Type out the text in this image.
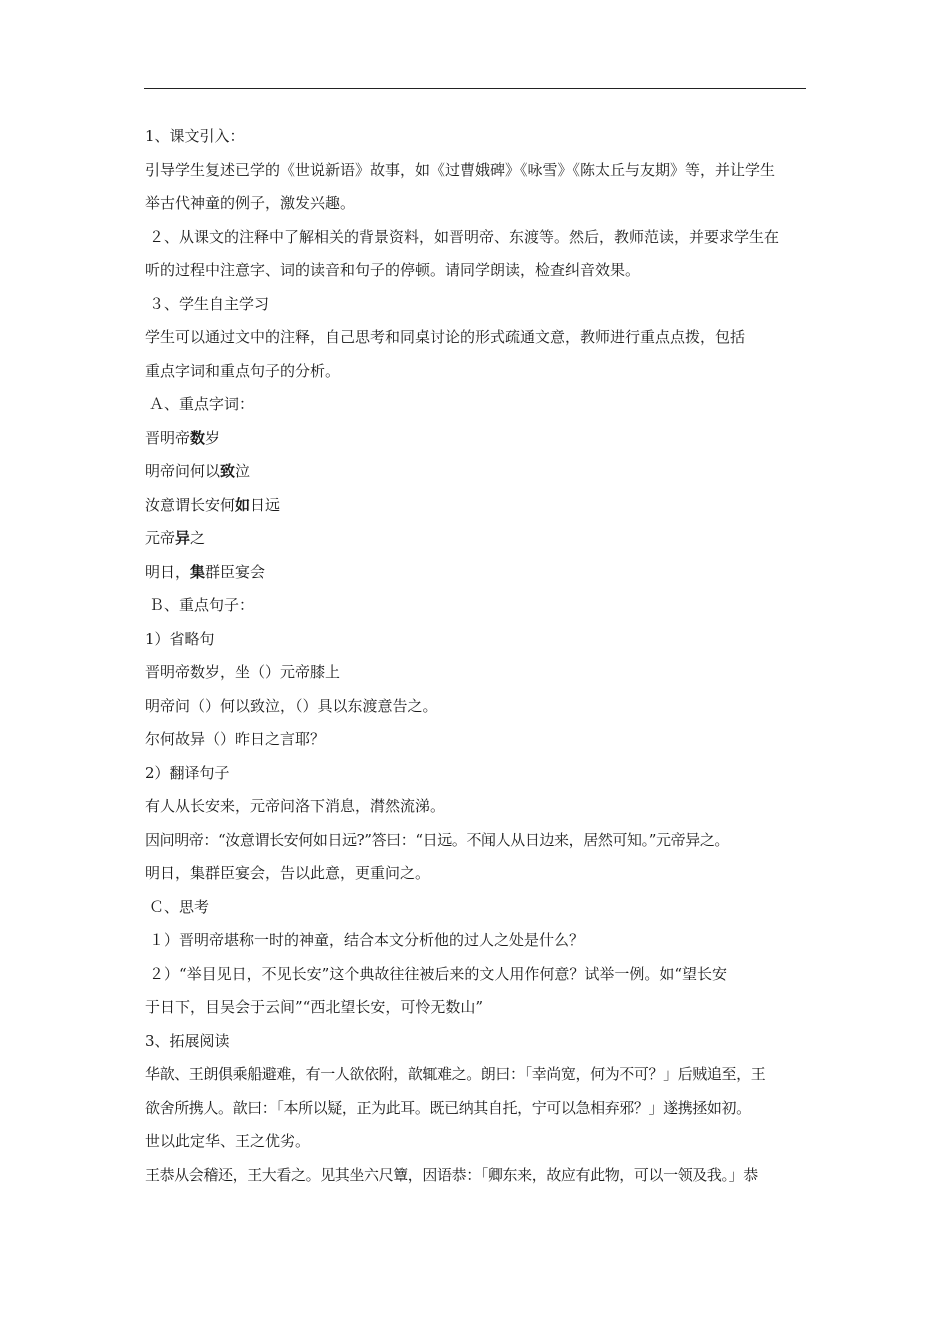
1、课文引入：
引导学生复述已学的《世说新语》故事，如《过曹娥碑》《咏雪》《陈太丘与友期》等，并让学生
举古代神童的例子，激发兴趣。
２、从课文的注释中了解相关的背景资料，如晋明帝、东渡等。然后，教师范读，并要求学生在
听的过程中注意字、词的读音和句子的停顿。请同学朗读，检查纠音效果。
３、学生自主学习
学生可以通过文中的注释，自己思考和同桌讨论的形式疏通文意，教师进行重点点拨，包括
重点字词和重点句子的分析。
Ａ、重点字词：
晋明帝数岁
明帝问何以致泣
汝意谓长安何如日远
元帝异之
明日，集群臣宴会
Ｂ、重点句子：
1）省略句
晋明帝数岁，坐（）元帝膝上
明帝问（）何以致泣，（）具以东渡意告之。
尔何故异（）昨日之言耶？
2）翻译句子
有人从长安来，元帝问洛下消息，潸然流涕。
因问明帝：“汝意谓长安何如日远?”答曰：“日远。不闻人从日边来，居然可知。”元帝异之。
明日，集群臣宴会，告以此意，更重问之。
Ｃ、思考
１）晋明帝堪称一时的神童，结合本文分析他的过人之处是什么？
２）“举目见日，不见长安”这个典故往往被后来的文人用作何意？试举一例。如“望长安
于日下，目吴会于云间”“西北望长安，可怜无数山”
3、拓展阅读
华歆、王朗俱乘船避难，有一人欲依附，歆辄难之。朗曰：「幸尚宽，何为不可？」后贼追至，王
欲舍所携人。歆曰：「本所以疑，正为此耳。既已纳其自托，宁可以急相弃邪？」遂携拯如初。
世以此定华、王之优劣。
王恭从会稽还，王大看之。见其坐六尺簟，因语恭：「卿东来，故应有此物，可以一领及我。」恭
